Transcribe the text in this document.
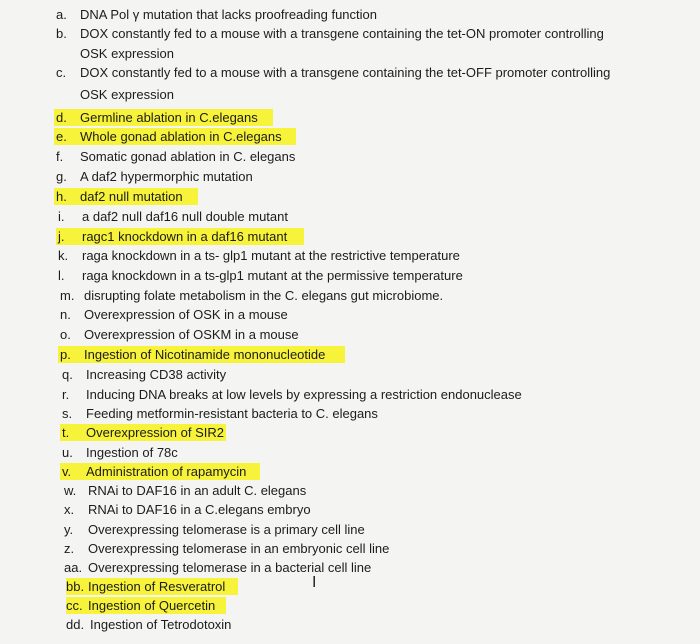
a. DNA Pol γ mutation that lacks proofreading function
b. DOX constantly fed to a mouse with a transgene containing the tet-ON promoter controlling
OSK expression
c. DOX constantly fed to a mouse with a transgene containing the tet-OFF promoter controlling
OSK expression
d. Germline ablation in C.elegans
e. Whole gonad ablation in C.elegans
f. Somatic gonad ablation in C. elegans
g. A daf2 hypermorphic mutation
h. daf2 null mutation
i. a daf2 null daf16 null double mutant
j. ragc1 knockdown in a daf16 mutant
k. raga knockdown in a ts- glp1 mutant at the restrictive temperature
l. raga knockdown in a ts-glp1 mutant at the permissive temperature
m. disrupting folate metabolism in the C. elegans gut microbiome.
n. Overexpression of OSK in a mouse
o. Overexpression of OSKM in a mouse
p. Ingestion of Nicotinamide mononucleotide
q. Increasing CD38 activity
r. Inducing DNA breaks at low levels by expressing a restriction endonuclease
s. Feeding metformin-resistant bacteria to C. elegans
t. Overexpression of SIR2
u. Ingestion of 78c
v. Administration of rapamycin
w. RNAi to DAF16 in an adult C. elegans
x. RNAi to DAF16 in a C.elegans embryo
y. Overexpressing telomerase is a primary cell line
z. Overexpressing telomerase in an embryonic cell line
aa. Overexpressing telomerase in a bacterial cell line
bb. Ingestion of Resveratrol
cc. Ingestion of Quercetin
dd. Ingestion of Tetrodotoxin
I
